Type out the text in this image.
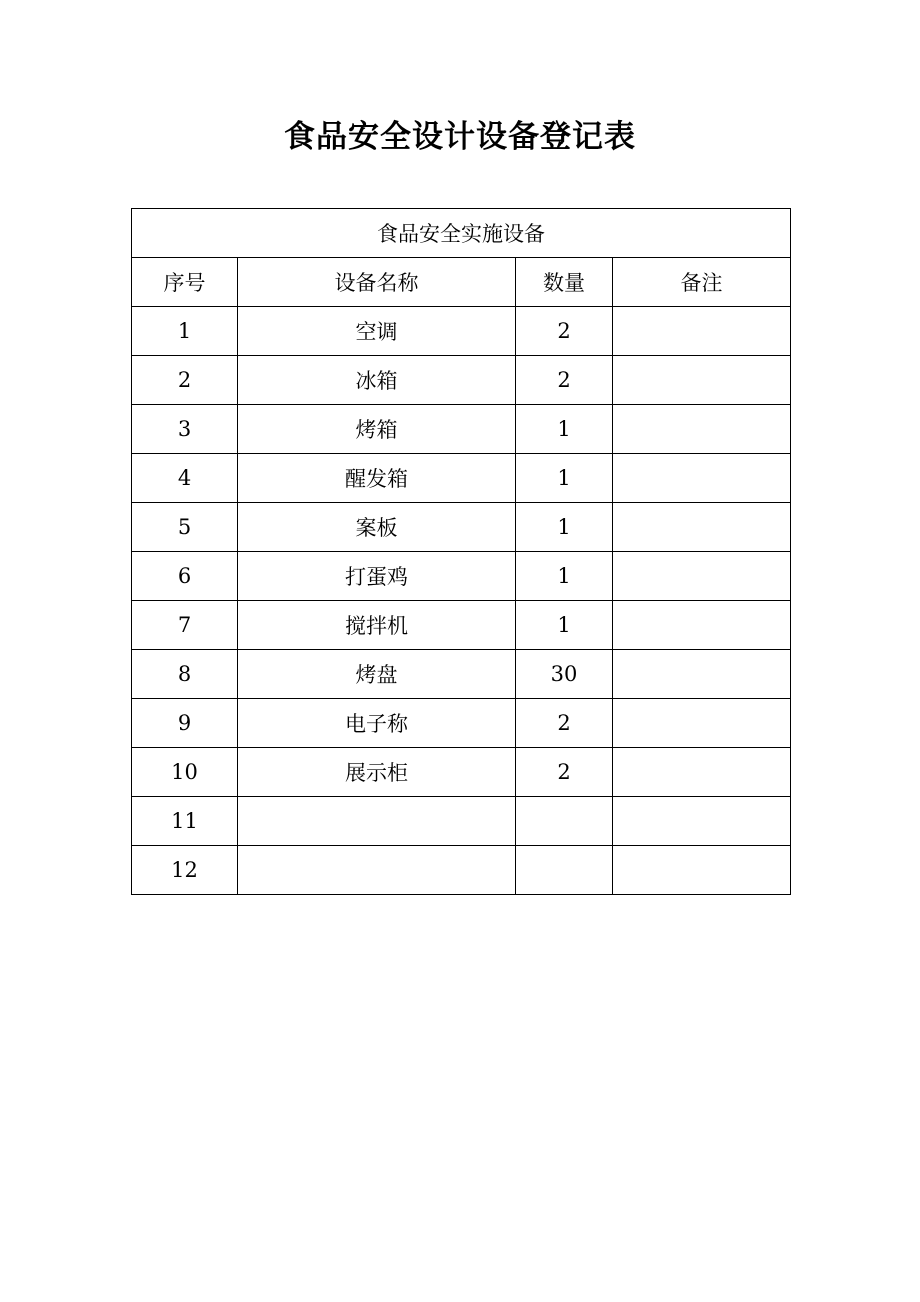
食品安全设计设备登记表
食品安全实施设备			
序号	设备名称	数量	备注
1	空调	2	
2	冰箱	2	
3	烤箱	1	
4	醒发箱	1	
5	案板	1	
6	打蛋鸡	1	
7	搅拌机	1	
8	烤盘	30	
9	电子称	2	
10	展示柜	2	
11			
12			
